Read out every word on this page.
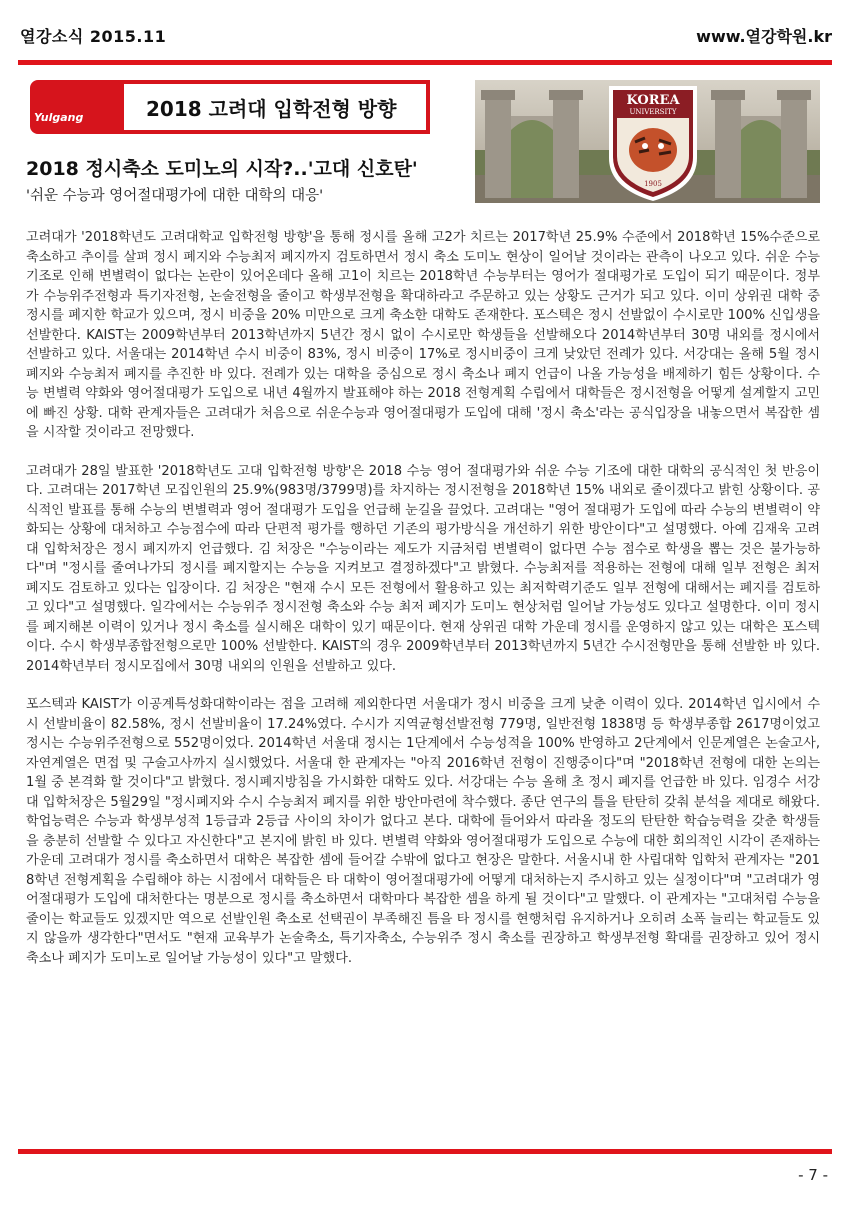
열강소식 2015.11	www.열강학원.kr
Yulgang	2018 고려대 입학전형 방향	KOREA
UNIVERSITY
1905
2018 정시축소 도미노의 시작?..'고대 신호탄'
'쉬운 수능과 영어절대평가에 대한 대학의 대응'

고려대가 '2018학년도 고려대학교 입학전형 방향'을 통해 정시를 올해 고2가 치르는 2017학년 25.9% 수준에서 2018학년 15%수준으로 축소하고 추이를 살펴 정시 폐지와 수능최저 폐지까지 검토하면서 정시 축소 도미노 현상이 일어날 것이라는 관측이 나오고 있다. 쉬운 수능 기조로 인해 변별력이 없다는 논란이 있어온데다 올해 고1이 치르는 2018학년 수능부터는 영어가 절대평가로 도입이 되기 때문이다. 정부가 수능위주전형과 특기자전형, 논술전형을 줄이고 학생부전형을 확대하라고 주문하고 있는 상황도 근거가 되고 있다. 이미 상위권 대학 중 정시를 폐지한 학교가 있으며, 정시 비중을 20% 미만으로 크게 축소한 대학도 존재한다. 포스텍은 정시 선발없이 수시로만 100% 신입생을 선발한다. KAIST는 2009학년부터 2013학년까지 5년간 정시 없이 수시로만 학생들을 선발해오다 2014학년부터 30명 내외를 정시에서 선발하고 있다. 서울대는 2014학년 수시 비중이 83%, 정시 비중이 17%로 정시비중이 크게 낮았던 전례가 있다. 서강대는 올해 5월 정시폐지와 수능최저 폐지를 추진한 바 있다. 전례가 있는 대학을 중심으로 정시 축소나 폐지 언급이 나올 가능성을 배제하기 힘든 상황이다. 수능 변별력 약화와 영어절대평가 도입으로 내년 4월까지 발표해야 하는 2018 전형계획 수립에서 대학들은 정시전형을 어떻게 설계할지 고민에 빠진 상황. 대학 관계자들은 고려대가 처음으로 쉬운수능과 영어절대평가 도입에 대해 '정시 축소'라는 공식입장을 내놓으면서 복잡한 셈을 시작할 것이라고 전망했다.

고려대가 28일 발표한 '2018학년도 고대 입학전형 방향'은 2018 수능 영어 절대평가와 쉬운 수능 기조에 대한 대학의 공식적인 첫 반응이다. 고려대는 2017학년 모집인원의 25.9%(983명/3799명)를 차지하는 정시전형을 2018학년 15% 내외로 줄이겠다고 밝힌 상황이다. 공식적인 발표를 통해 수능의 변별력과 영어 절대평가 도입을 언급해 눈길을 끌었다. 고려대는 "영어 절대평가 도입에 따라 수능의 변별력이 약화되는 상황에 대처하고 수능점수에 따라 단편적 평가를 행하던 기존의 평가방식을 개선하기 위한 방안이다"고 설명했다. 아예 김재욱 고려대 입학처장은 정시 폐지까지 언급했다. 김 처장은 "수능이라는 제도가 지금처럼 변별력이 없다면 수능 점수로 학생을 뽑는 것은 불가능하다"며 "정시를 줄여나가되 정시를 폐지할지는 수능을 지켜보고 결정하겠다"고 밝혔다. 수능최저를 적용하는 전형에 대해 일부 전형은 최저 폐지도 검토하고 있다는 입장이다. 김 처장은 "현재 수시 모든 전형에서 활용하고 있는 최저학력기준도 일부 전형에 대해서는 폐지를 검토하고 있다"고 설명했다. 일각에서는 수능위주 정시전형 축소와 수능 최저 폐지가 도미노 현상처럼 일어날 가능성도 있다고 설명한다. 이미 정시를 폐지해본 이력이 있거나 정시 축소를 실시해온 대학이 있기 때문이다. 현재 상위권 대학 가운데 정시를 운영하지 않고 있는 대학은 포스텍이다. 수시 학생부종합전형으로만 100% 선발한다. KAIST의 경우 2009학년부터 2013학년까지 5년간 수시전형만을 통해 선발한 바 있다. 2014학년부터 정시모집에서 30명 내외의 인원을 선발하고 있다.

포스텍과 KAIST가 이공계특성화대학이라는 점을 고려해 제외한다면 서울대가 정시 비중을 크게 낮춘 이력이 있다. 2014학년 입시에서 수시 선발비율이 82.58%, 정시 선발비율이 17.24%였다. 수시가 지역균형선발전형 779명, 일반전형 1838명 등 학생부종합 2617명이었고 정시는 수능위주전형으로 552명이었다. 2014학년 서울대 정시는 1단계에서 수능성적을 100% 반영하고 2단계에서 인문계열은 논술고사, 자연계열은 면접 및 구술고사까지 실시했었다. 서울대 한 관계자는 "아직 2016학년 전형이 진행중이다"며 "2018학년 전형에 대한 논의는 1월 중 본격화 할 것이다"고 밝혔다. 정시폐지방침을 가시화한 대학도 있다. 서강대는 수능 올해 초 정시 폐지를 언급한 바 있다. 임경수 서강대 입학처장은 5월29일 "정시폐지와 수시 수능최저 폐지를 위한 방안마련에 착수했다. 종단 연구의 틀을 탄탄히 갖춰 분석을 제대로 해왔다. 학업능력은 수능과 학생부성적 1등급과 2등급 사이의 차이가 없다고 본다. 대학에 들어와서 따라올 정도의 탄탄한 학습능력을 갖춘 학생들을 충분히 선발할 수 있다고 자신한다"고 본지에 밝힌 바 있다. 변별력 약화와 영어절대평가 도입으로 수능에 대한 회의적인 시각이 존재하는 가운데 고려대가 정시를 축소하면서 대학은 복잡한 셈에 들어갈 수밖에 없다고 현장은 말한다. 서울시내 한 사립대학 입학처 관계자는 "2018학년 전형계획을 수립해야 하는 시점에서 대학들은 타 대학이 영어절대평가에 어떻게 대처하는지 주시하고 있는 실정이다"며 "고려대가 영어절대평가 도입에 대처한다는 명분으로 정시를 축소하면서 대학마다 복잡한 셈을 하게 될 것이다"고 말했다. 이 관계자는 "고대처럼 수능을 줄이는 학교들도 있겠지만 역으로 선발인원 축소로 선택권이 부족해진 틈을 타 정시를 현행처럼 유지하거나 오히려 소폭 늘리는 학교들도 있지 않을까 생각한다"면서도 "현재 교육부가 논술축소, 특기자축소, 수능위주 정시 축소를 권장하고 학생부전형 확대를 권장하고 있어 정시 축소나 폐지가 도미노로 일어날 가능성이 있다"고 말했다.

- 7 -
